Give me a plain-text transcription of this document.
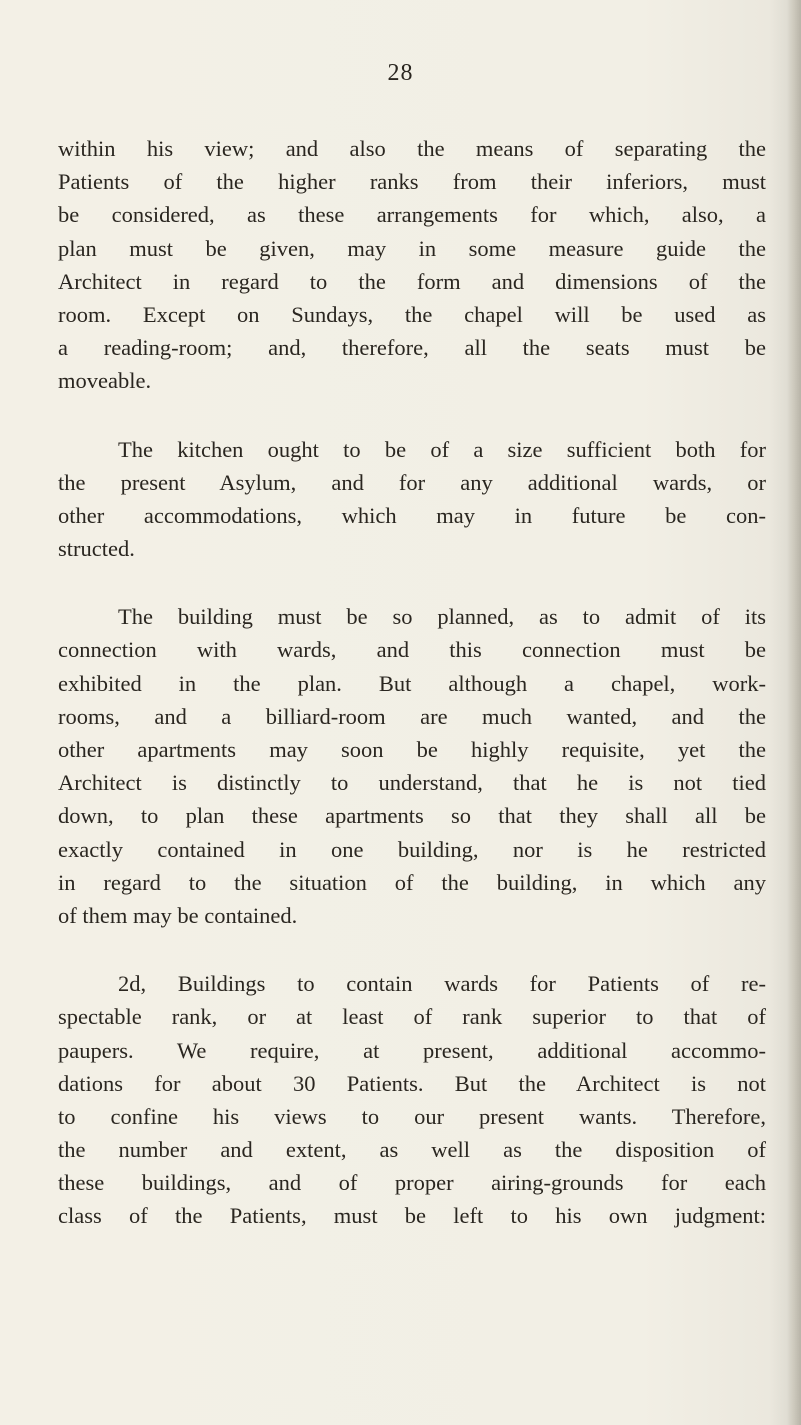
28

within his view; and also the means of separating the
Patients of the higher ranks from their inferiors, must
be considered, as these arrangements for which, also, a
plan must be given, may in some measure guide the
Architect in regard to the form and dimensions of the
room. Except on Sundays, the chapel will be used as
a reading-room; and, therefore, all the seats must be
moveable.

The kitchen ought to be of a size sufficient both for
the present Asylum, and for any additional wards, or
other accommodations, which may in future be con-
structed.

The building must be so planned, as to admit of its
connection with wards, and this connection must be
exhibited in the plan. But although a chapel, work-
rooms, and a billiard-room are much wanted, and the
other apartments may soon be highly requisite, yet the
Architect is distinctly to understand, that he is not tied
down, to plan these apartments so that they shall all be
exactly contained in one building, nor is he restricted
in regard to the situation of the building, in which any
of them may be contained.

2d, Buildings to contain wards for Patients of re-
spectable rank, or at least of rank superior to that of
paupers. We require, at present, additional accommo-
dations for about 30 Patients. But the Architect is not
to confine his views to our present wants. Therefore,
the number and extent, as well as the disposition of
these buildings, and of proper airing-grounds for each
class of the Patients, must be left to his own judgment:
